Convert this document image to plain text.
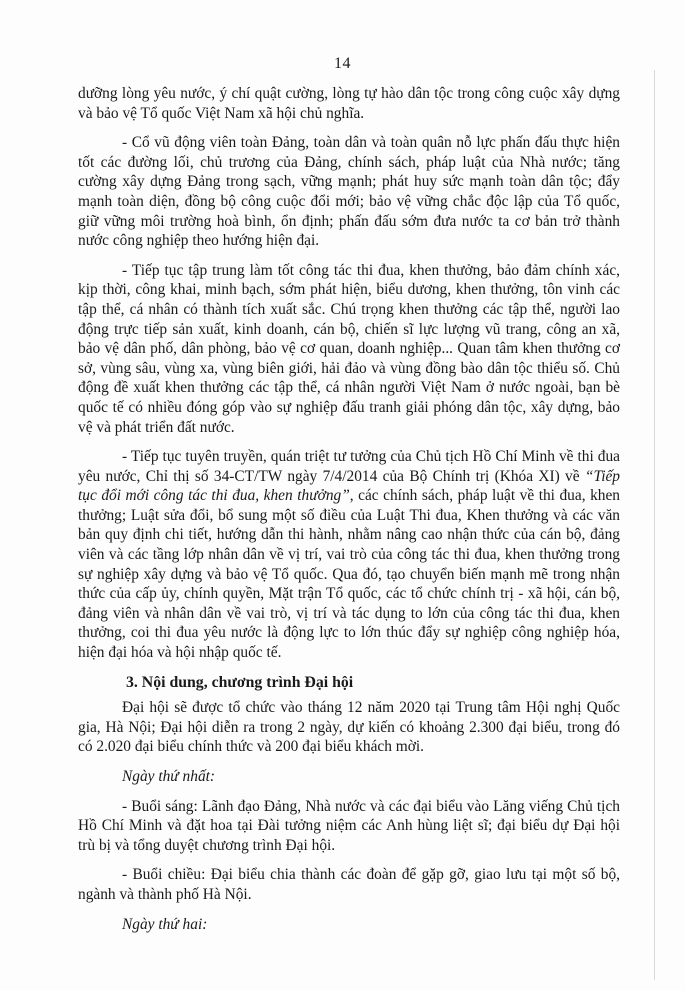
14

dưỡng lòng yêu nước, ý chí quật cường, lòng tự hào dân tộc trong công cuộc xây dựng và bảo vệ Tổ quốc Việt Nam xã hội chủ nghĩa.

- Cổ vũ động viên toàn Đảng, toàn dân và toàn quân nỗ lực phấn đấu thực hiện tốt các đường lối, chủ trương của Đảng, chính sách, pháp luật của Nhà nước; tăng cường xây dựng Đảng trong sạch, vững mạnh; phát huy sức mạnh toàn dân tộc; đẩy mạnh toàn diện, đồng bộ công cuộc đổi mới; bảo vệ vững chắc độc lập của Tổ quốc, giữ vững môi trường hoà bình, ổn định; phấn đấu sớm đưa nước ta cơ bản trở thành nước công nghiệp theo hướng hiện đại.

- Tiếp tục tập trung làm tốt công tác thi đua, khen thưởng, bảo đảm chính xác, kịp thời, công khai, minh bạch, sớm phát hiện, biểu dương, khen thưởng, tôn vinh các tập thể, cá nhân có thành tích xuất sắc. Chú trọng khen thưởng các tập thể, người lao động trực tiếp sản xuất, kinh doanh, cán bộ, chiến sĩ lực lượng vũ trang, công an xã, bảo vệ dân phố, dân phòng, bảo vệ cơ quan, doanh nghiệp... Quan tâm khen thưởng cơ sở, vùng sâu, vùng xa, vùng biên giới, hải đảo và vùng đồng bào dân tộc thiểu số. Chủ động đề xuất khen thưởng các tập thể, cá nhân người Việt Nam ở nước ngoài, bạn bè quốc tế có nhiều đóng góp vào sự nghiệp đấu tranh giải phóng dân tộc, xây dựng, bảo vệ và phát triển đất nước.

- Tiếp tục tuyên truyền, quán triệt tư tưởng của Chủ tịch Hồ Chí Minh về thi đua yêu nước, Chỉ thị số 34-CT/TW ngày 7/4/2014 của Bộ Chính trị (Khóa XI) về “Tiếp tục đổi mới công tác thi đua, khen thưởng”, các chính sách, pháp luật về thi đua, khen thưởng; Luật sửa đổi, bổ sung một số điều của Luật Thi đua, Khen thưởng và các văn bản quy định chi tiết, hướng dẫn thi hành, nhằm nâng cao nhận thức của cán bộ, đảng viên và các tầng lớp nhân dân về vị trí, vai trò của công tác thi đua, khen thưởng trong sự nghiệp xây dựng và bảo vệ Tổ quốc. Qua đó, tạo chuyển biến mạnh mẽ trong nhận thức của cấp ủy, chính quyền, Mặt trận Tổ quốc, các tổ chức chính trị - xã hội, cán bộ, đảng viên và nhân dân về vai trò, vị trí và tác dụng to lớn của công tác thi đua, khen thưởng, coi thi đua yêu nước là động lực to lớn thúc đẩy sự nghiệp công nghiệp hóa, hiện đại hóa và hội nhập quốc tế.

3. Nội dung, chương trình Đại hội

Đại hội sẽ được tổ chức vào tháng 12 năm 2020 tại Trung tâm Hội nghị Quốc gia, Hà Nội; Đại hội diễn ra trong 2 ngày, dự kiến có khoảng 2.300 đại biểu, trong đó có 2.020 đại biểu chính thức và 200 đại biểu khách mời.

Ngày thứ nhất:

- Buổi sáng: Lãnh đạo Đảng, Nhà nước và các đại biểu vào Lăng viếng Chủ tịch Hồ Chí Minh và đặt hoa tại Đài tưởng niệm các Anh hùng liệt sĩ; đại biểu dự Đại hội trù bị và tổng duyệt chương trình Đại hội.

- Buổi chiều: Đại biểu chia thành các đoàn để gặp gỡ, giao lưu tại một số bộ, ngành và thành phố Hà Nội.

Ngày thứ hai:
